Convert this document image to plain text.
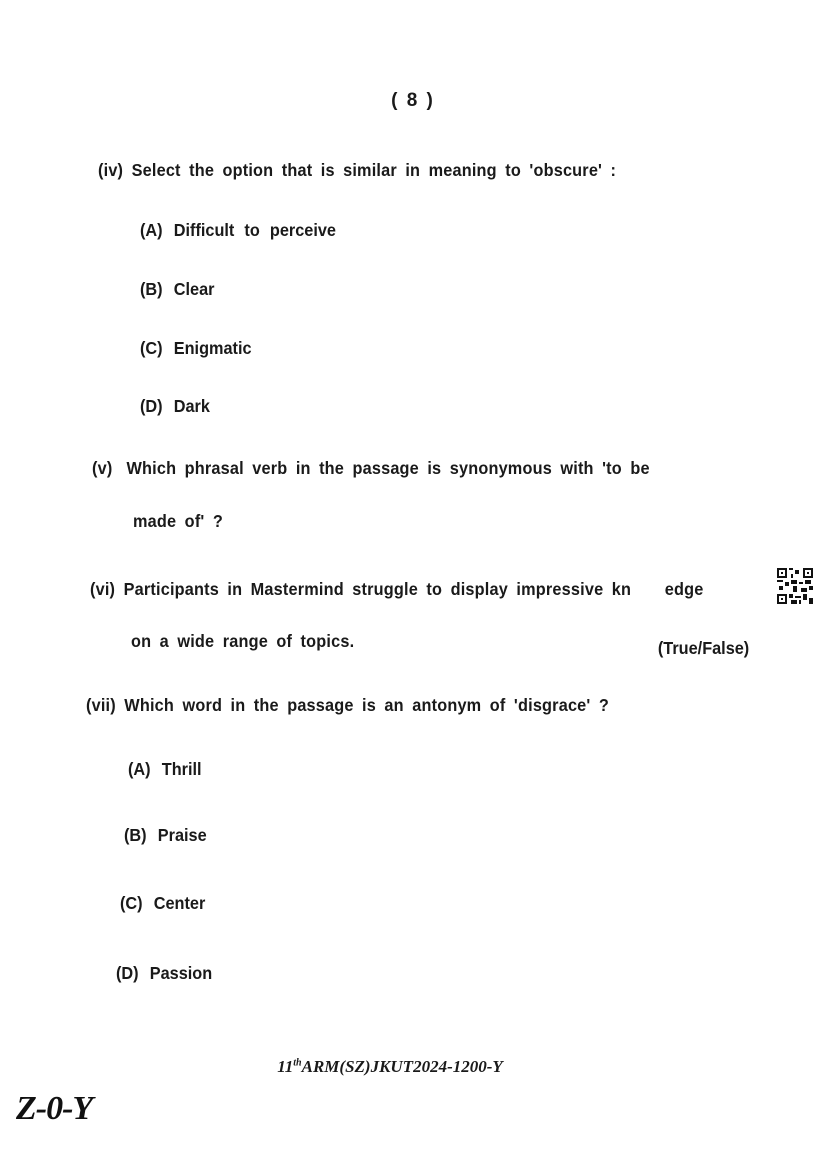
( 8 )
(iv) Select the option that is similar in meaning to 'obscure' :
(A) Difficult to perceive
(B) Clear
(C) Enigmatic
(D) Dark
(v) Which phrasal verb in the passage is synonymous with 'to be
made of' ?
(vi) Participants in Mastermind struggle to display impressive kn    edge
on a wide range of topics.	(True/False)
(vii) Which word in the passage is an antonym of 'disgrace' ?
(A) Thrill
(B) Praise
(C) Center
(D) Passion
11thARM(SZ)JKUT2024-1200-Y
Z-0-Y
